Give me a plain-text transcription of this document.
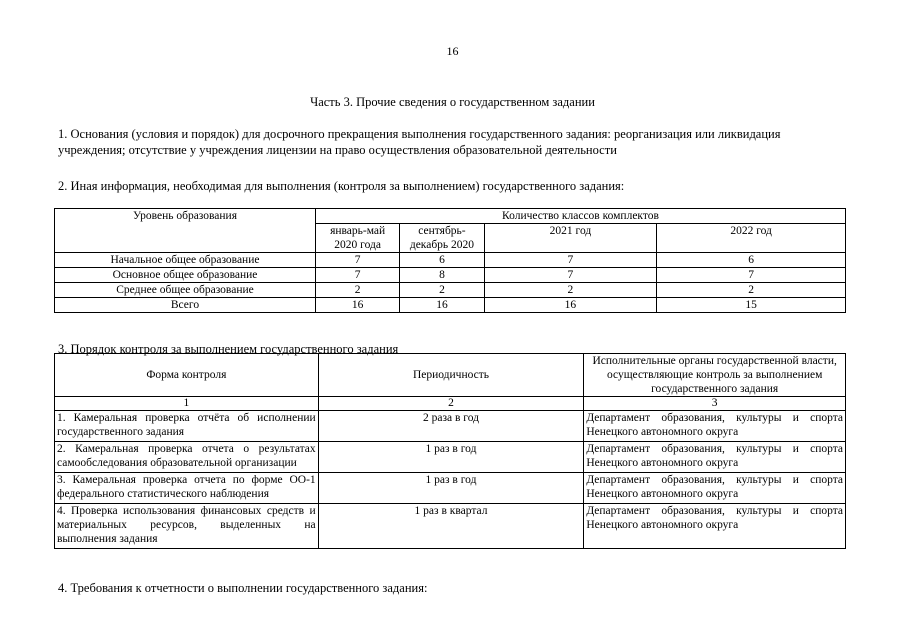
16
Часть 3. Прочие сведения о государственном задании
1. Основания (условия и порядок) для досрочного прекращения выполнения государственного задания: реорганизация или ликвидация учреждения; отсутствие у учреждения лицензии на право осуществления образовательной деятельности
2. Иная информация, необходимая для выполнения (контроля за выполнением) государственного задания:
Уровень образования	Количество классов комплектов			
	январь-май 2020 года	сентябрь-декабрь 2020	2021 год	2022 год
Начальное общее образование	7	6	7	6
Основное общее образование	7	8	7	7
Среднее общее образование	2	2	2	2
Всего	16	16	16	15
3. Порядок контроля за выполнением государственного задания
Форма контроля	Периодичность	Исполнительные органы государственной власти, осуществляющие контроль за выполнением государственного задания
1	2	3
1. Камеральная проверка отчёта об исполнении государственного задания	2 раза в год	Департамент образования, культуры и спорта Ненецкого автономного округа
2. Камеральная проверка отчета о результатах самообследования образовательной организации	1 раз в год	Департамент образования, культуры и спорта Ненецкого автономного округа
3. Камеральная проверка отчета по форме ОО-1 федерального статистического наблюдения	1 раз в год	Департамент образования, культуры и спорта Ненецкого автономного округа
4. Проверка использования финансовых средств и материальных ресурсов, выделенных на выполнения задания	1 раз в квартал	Департамент образования, культуры и спорта Ненецкого автономного округа
4. Требования к отчетности о выполнении государственного задания:
